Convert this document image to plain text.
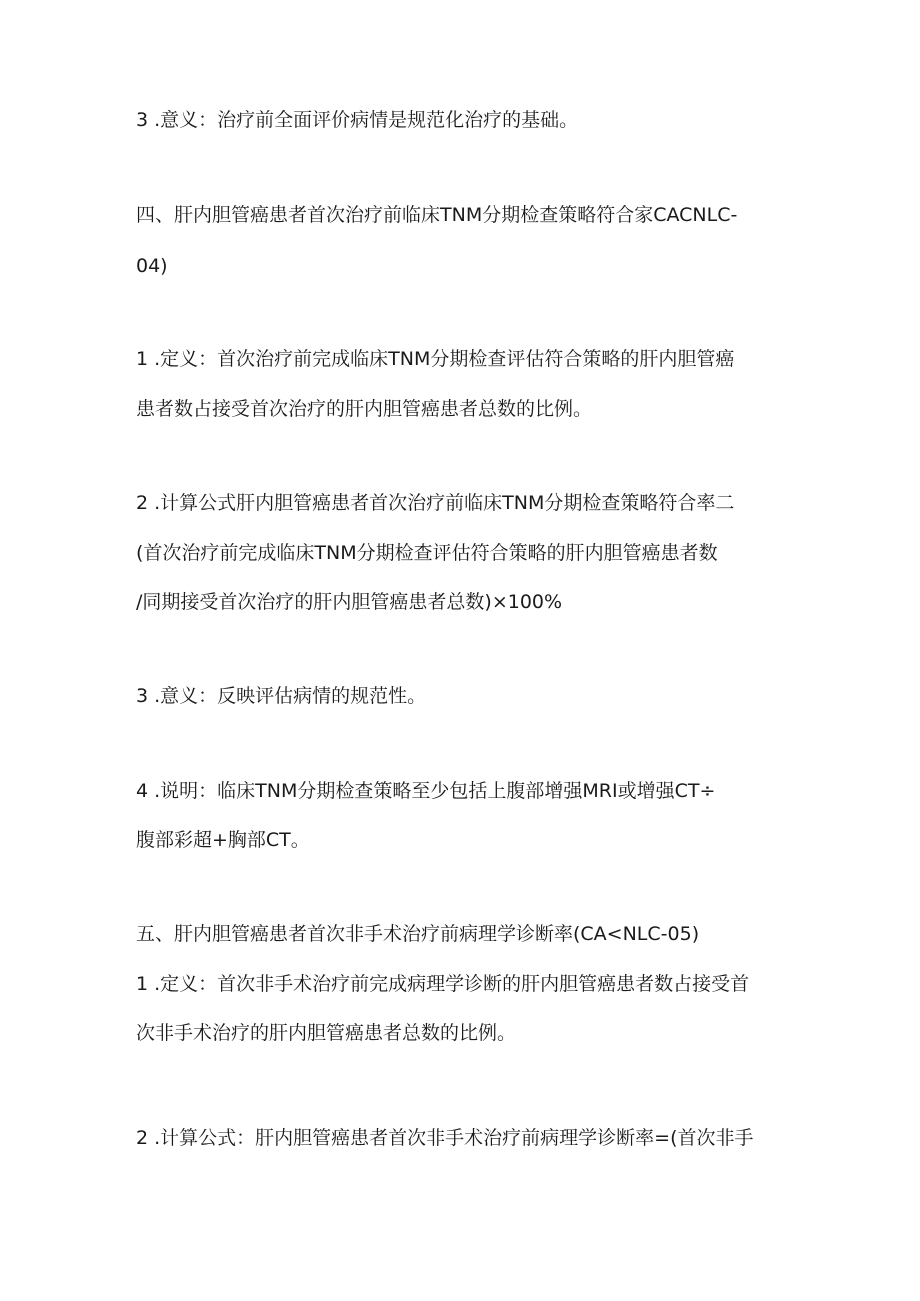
3 .意义：治疗前全面评价病情是规范化治疗的基础。
四、肝内胆管癌患者首次治疗前临床TNM分期检查策略符合家CACNLC-
04)
1 .定义：首次治疗前完成临床TNM分期检查评估符合策略的肝内胆管癌
患者数占接受首次治疗的肝内胆管癌患者总数的比例。
2 .计算公式肝内胆管癌患者首次治疗前临床TNM分期检查策略符合率二
(首次治疗前完成临床TNM分期检查评估符合策略的肝内胆管癌患者数
/同期接受首次治疗的肝内胆管癌患者总数)×100%
3 .意义：反映评估病情的规范性。
4 .说明：临床TNM分期检查策略至少包括上腹部增强MRI或增强CT÷
腹部彩超+胸部CT。
五、肝内胆管癌患者首次非手术治疗前病理学诊断率(CA<NLC-05)
1 .定义：首次非手术治疗前完成病理学诊断的肝内胆管癌患者数占接受首
次非手术治疗的肝内胆管癌患者总数的比例。
2 .计算公式：肝内胆管癌患者首次非手术治疗前病理学诊断率=(首次非手
